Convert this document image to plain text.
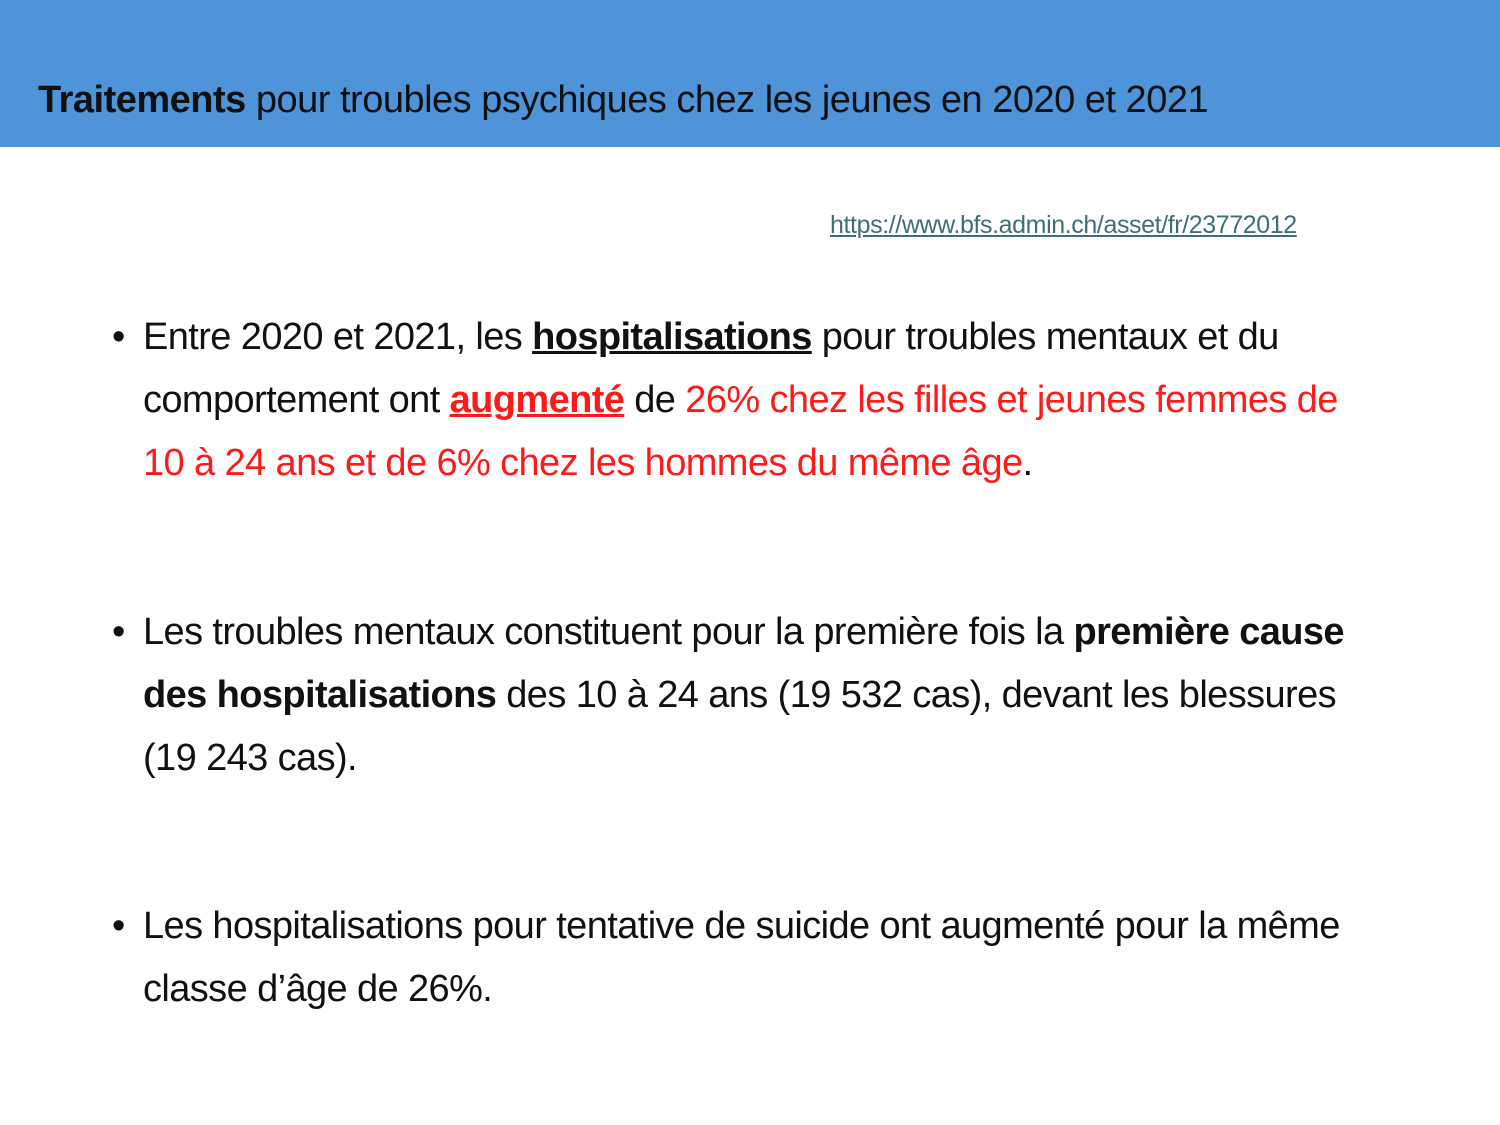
Traitements pour troubles psychiques chez les jeunes en 2020 et 2021
https://www.bfs.admin.ch/asset/fr/23772012
• Entre 2020 et 2021, les hospitalisations pour troubles mentaux et du comportement ont augmenté de 26% chez les filles et jeunes femmes de 10 à 24 ans et de 6% chez les hommes du même âge.
• Les troubles mentaux constituent pour la première fois la première cause des hospitalisations des 10 à 24 ans (19 532 cas), devant les blessures (19 243 cas).
• Les hospitalisations pour tentative de suicide ont augmenté pour la même classe d’âge de 26%.
